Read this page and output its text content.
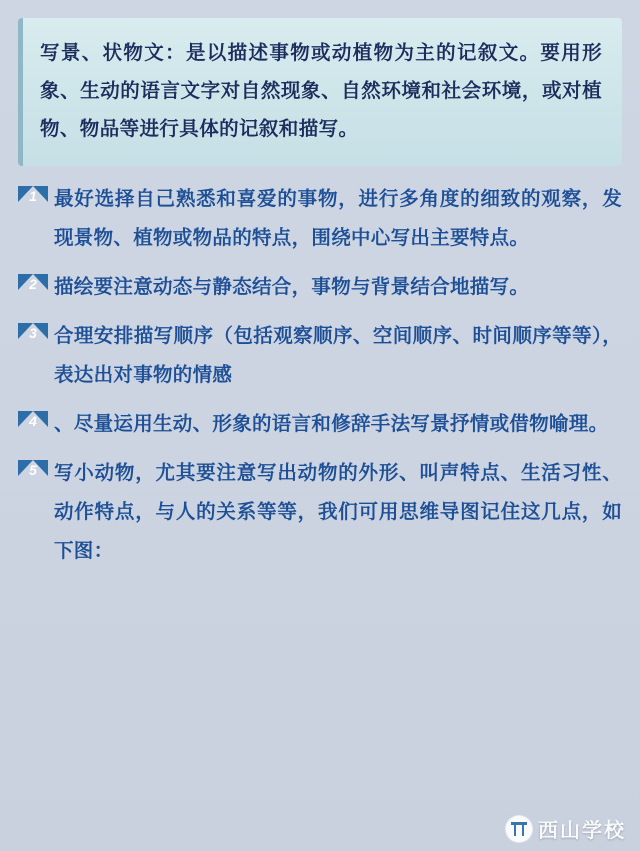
写景、状物文：是以描述事物或动植物为主的记叙文。要用形象、生动的语言文字对自然现象、自然环境和社会环境，或对植物、物品等进行具体的记叙和描写。
1 最好选择自己熟悉和喜爱的事物，进行多角度的细致的观察，发现景物、植物或物品的特点，围绕中心写出主要特点。
2 描绘要注意动态与静态结合，事物与背景结合地描写。
3 合理安排描写顺序（包括观察顺序、空间顺序、时间顺序等等），表达出对事物的情感
4 、尽量运用生动、形象的语言和修辞手法写景抒情或借物喻理。
5 写小动物，尤其要注意写出动物的外形、叫声特点、生活习性、动作特点，与人的关系等等，我们可用思维导图记住这几点，如下图：
西山学校
